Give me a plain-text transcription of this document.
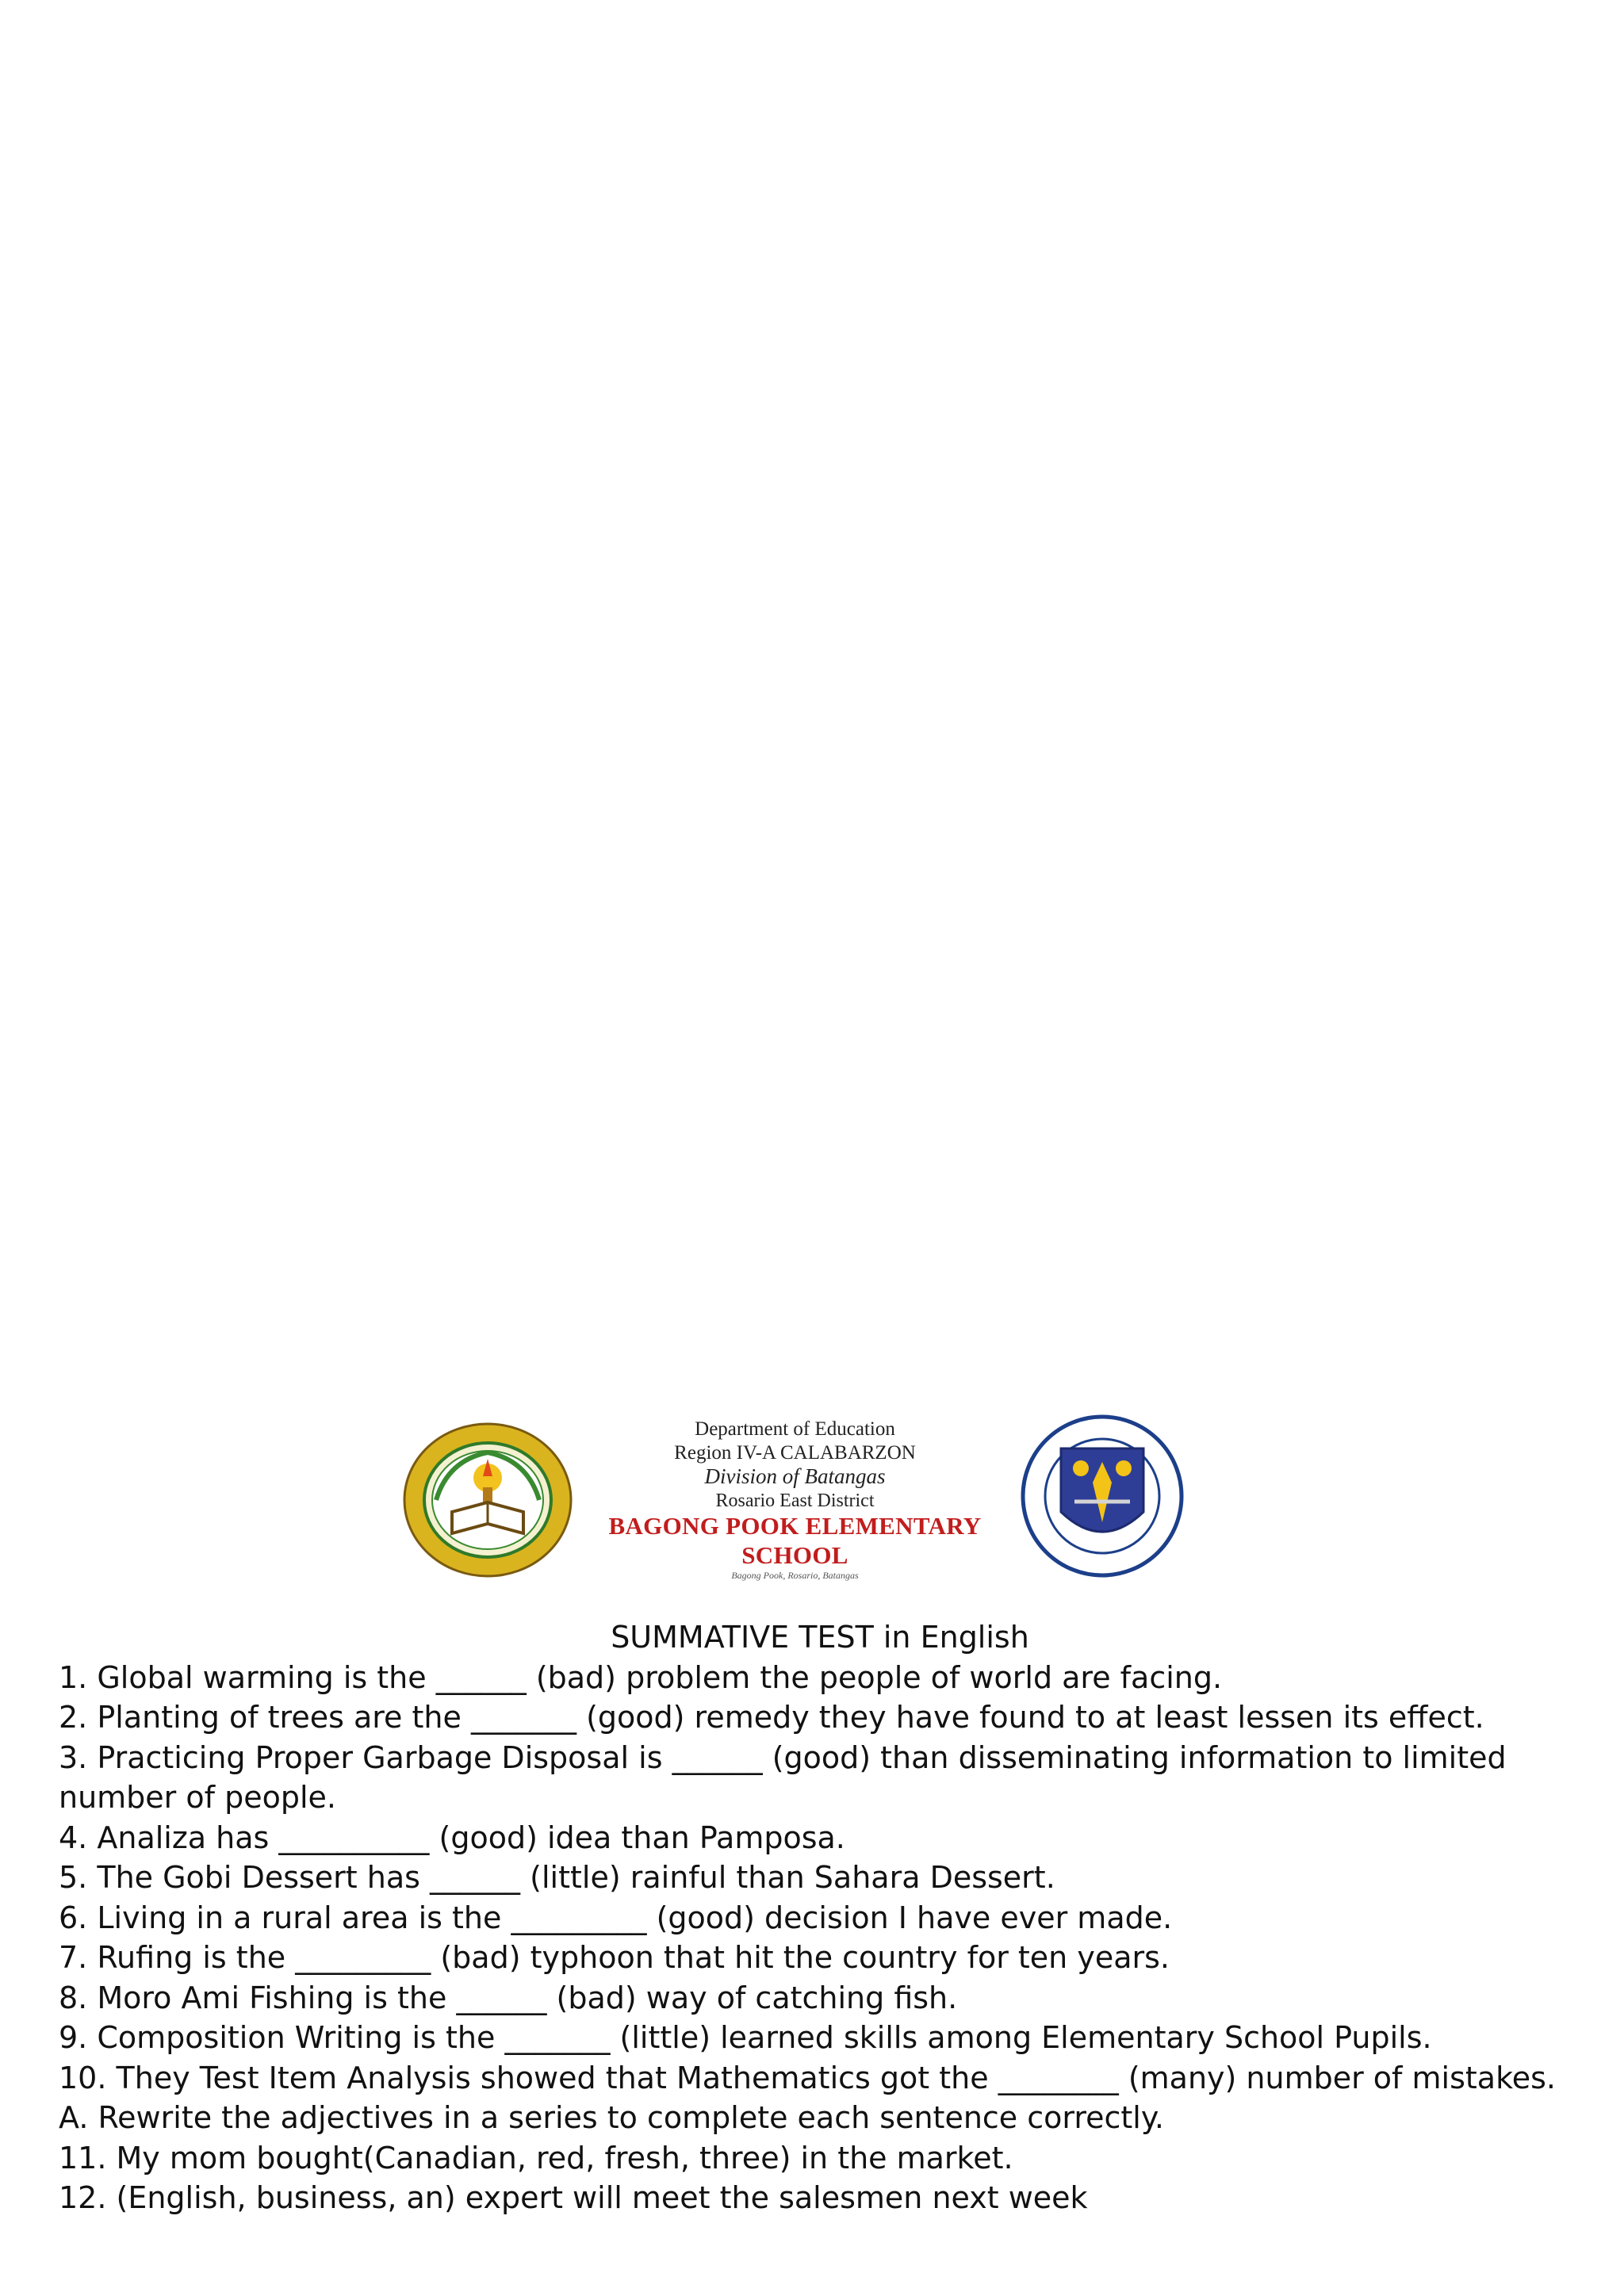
Department of Education
Region IV-A CALABARZON
Division of Batangas
Rosario East District
BAGONG POOK ELEMENTARY SCHOOL
Bagong Pook, Rosario, Batangas
SUMMATIVE TEST in English
1. Global warming is the ______ (bad) problem the people of world are facing.
2. Planting of trees are the _______ (good) remedy they have found to at least lessen its effect.
3. Practicing Proper Garbage Disposal is ______ (good) than disseminating information to limited
number of people.
4. Analiza has __________ (good) idea than Pamposa.
5. The Gobi Dessert has ______ (little) rainful than Sahara Dessert.
6. Living in a rural area is the _________ (good) decision I have ever made.
7. Rufing is the _________ (bad) typhoon that hit the country for ten years.
8. Moro Ami Fishing is the ______ (bad) way of catching fish.
9. Composition Writing is the _______ (little) learned skills among Elementary School Pupils.
10. They Test Item Analysis showed that Mathematics got the ________ (many) number of mistakes.
A. Rewrite the adjectives in a series to complete each sentence correctly.
11. My mom bought(Canadian, red, fresh, three) in the market.
12. (English, business, an) expert will meet the salesmen next week
